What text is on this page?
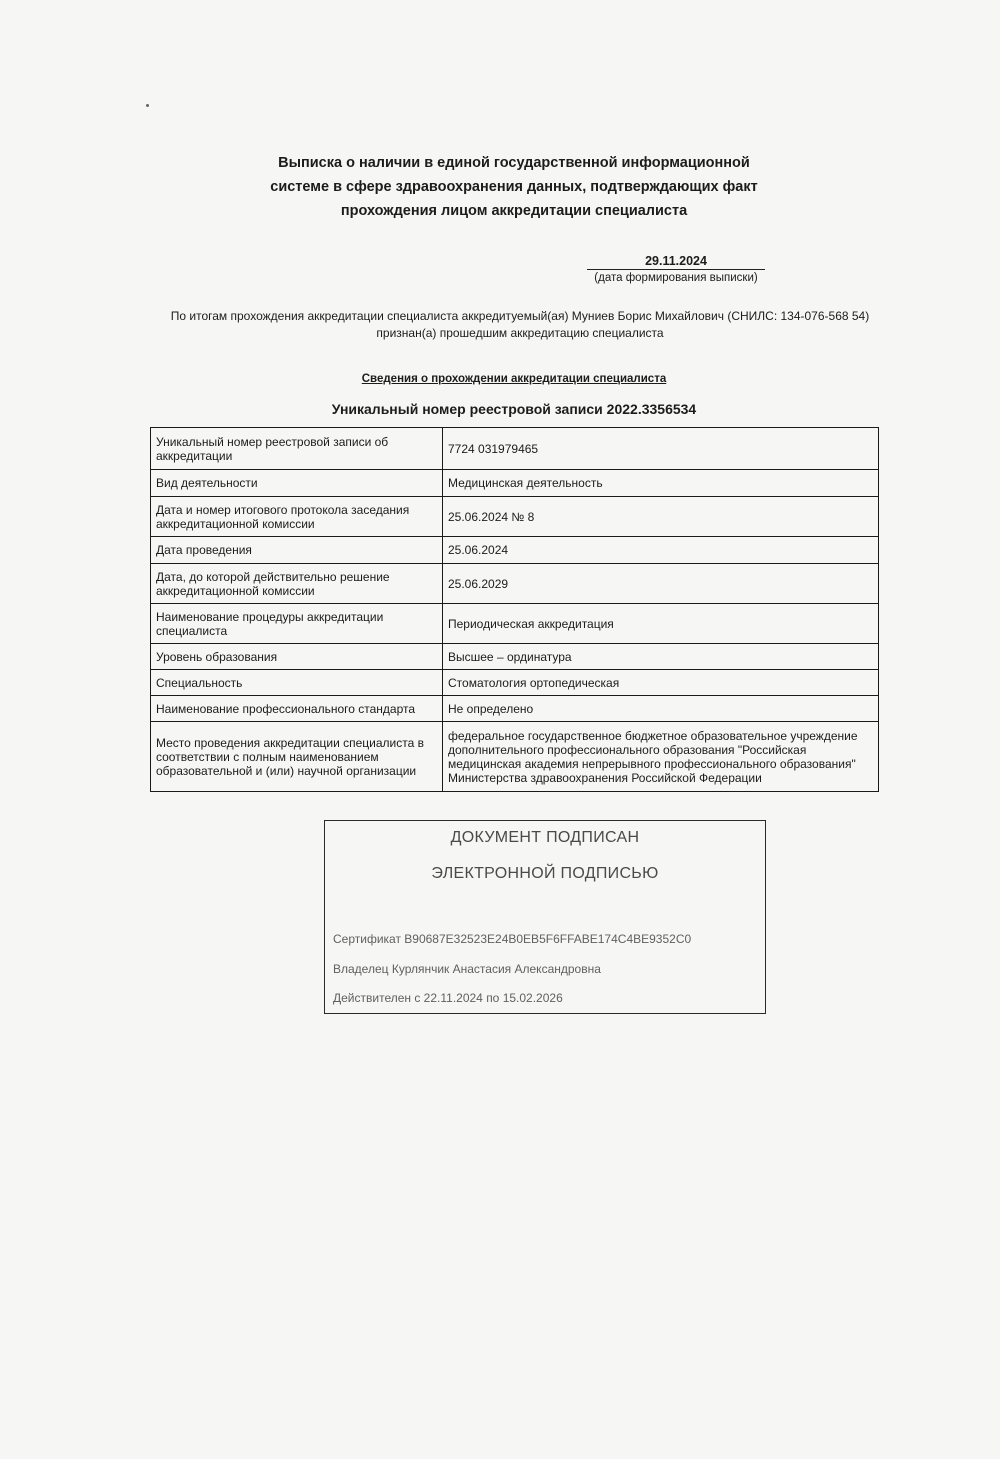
Выписка о наличии в единой государственной информационной
системе в сфере здравоохранения данных, подтверждающих факт
прохождения лицом аккредитации специалиста
29.11.2024
(дата формирования выписки)
По итогам прохождения аккредитации специалиста аккредитуемый(ая) Муниев Борис Михайлович (СНИЛС: 134-076-568 54)
признан(а) прошедшим аккредитацию специалиста
Сведения о прохождении аккредитации специалиста
Уникальный номер реестровой записи 2022.3356534
Уникальный номер реестровой записи об аккредитации	7724 031979465
Вид деятельности	Медицинская деятельность
Дата и номер итогового протокола заседания аккредитационной комиссии	25.06.2024 № 8
Дата проведения	25.06.2024
Дата, до которой действительно решение аккредитационной комиссии	25.06.2029
Наименование процедуры аккредитации специалиста	Периодическая аккредитация
Уровень образования	Высшее – ординатура
Специальность	Стоматология ортопедическая
Наименование профессионального стандарта	Не определено
Место проведения аккредитации специалиста в соответствии с полным наименованием образовательной и (или) научной организации	федеральное государственное бюджетное образовательное учреждение дополнительного профессионального образования "Российская медицинская академия непрерывного профессионального образования" Министерства здравоохранения Российской Федерации
ДОКУМЕНТ ПОДПИСАН
ЭЛЕКТРОННОЙ ПОДПИСЬЮ
Сертификат B90687E32523E24B0EB5F6FFABE174C4BE9352C0
Владелец Курлянчик Анастасия Александровна
Действителен с 22.11.2024 по 15.02.2026
